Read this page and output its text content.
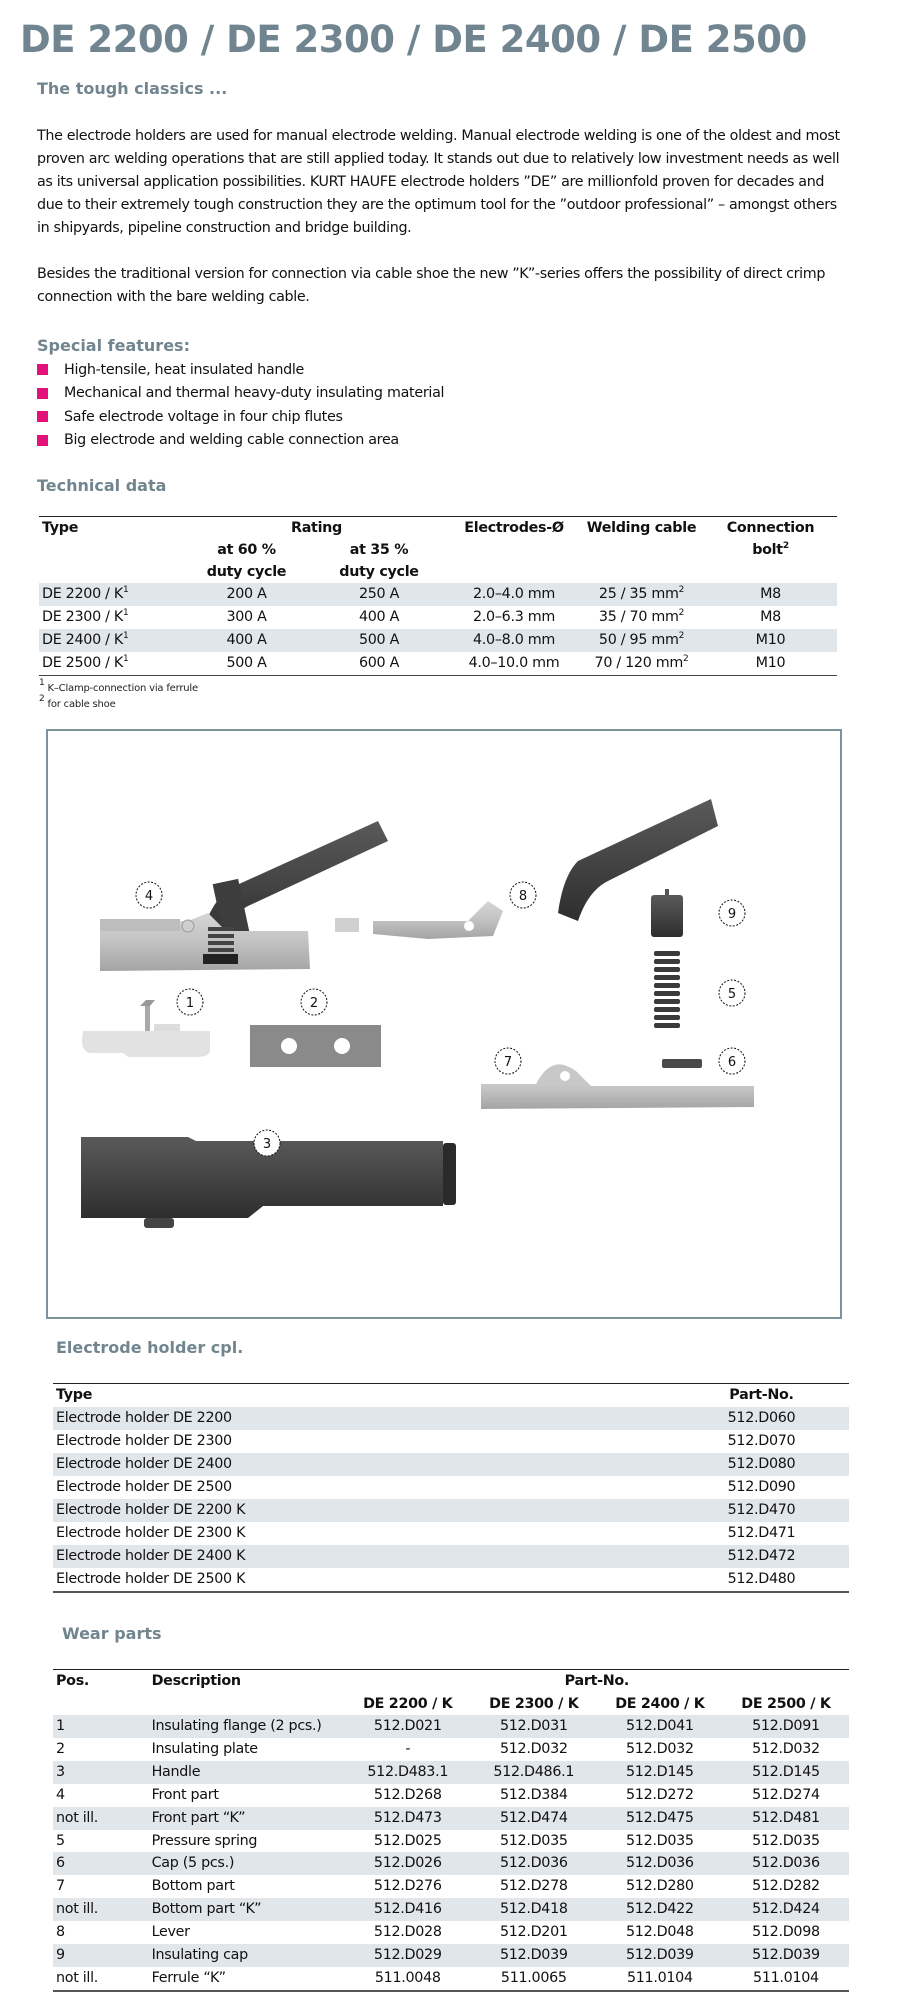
DE 2200 / DE 2300 / DE 2400 / DE 2500
The tough classics ...

The electrode holders are used for manual electrode welding. Manual electrode welding is one of the oldest and most proven arc welding operations that are still applied today. It stands out due to relatively low investment needs as well as its universal application possibilities. KURT HAUFE electrode holders ”DE” are millionfold proven for decades and due to their extremely tough construction they are the optimum tool for the ”outdoor professional” – amongst others in shipyards, pipeline construction and bridge building.

Besides the traditional version for connection via cable shoe the new ”K”-series offers the possibility of direct crimp connection with the bare welding cable.

Special features:
High-tensile, heat insulated handle
Mechanical and thermal heavy-duty insulating material
Safe electrode voltage in four chip flutes
Big electrode and welding cable connection area
Technical data
Type	Rating		Electrodes-Ø	Welding cable	Connection
	at 60 %	at 35 %			bolt$^2$
	duty cycle	duty cycle			
DE $2200 / K^1$	200 A	250 A	2.0–4.0 mm	25 / 35 $mm^2$	M8
DE $2300 / K^1$	300 A	400 A	2.0–6.3 mm	35 / 70 $mm^2$	M8
DE $2400 / K^1$	400 A	500 A	4.0–8.0 mm	50 / 95 $mm^2$	M10
DE $2500 / K^1$	500 A	600 A	4.0–10.0 mm	70 / 120 $mm^2$	M10
$^1$ K–Clamp-connection via ferrule
$^2$ for cable shoe
4	8
9
5
1	2
7	6
3
Electrode holder cpl.
Type	Part-No.
Electrode holder DE 2200	512.D060
Electrode holder DE 2300	512.D070
Electrode holder DE 2400	512.D080
Electrode holder DE 2500	512.D090
Electrode holder DE 2200 K	512.D470
Electrode holder DE 2300 K	512.D471
Electrode holder DE 2400 K	512.D472
Electrode holder DE 2500 K	512.D480
Wear parts
Pos.	Description	Part-No.			
		DE 2200 / K	DE 2300 / K	DE 2400 / K	DE 2500 / K
1	Insulating flange (2 pcs.)	512.D021	512.D031	512.D041	512.D091
2	Insulating plate	-	512.D032	512.D032	512.D032
3	Handle	512.D483.1	512.D486.1	512.D145	512.D145
4	Front part	512.D268	512.D384	512.D272	512.D274
not ill.	Front part “K”	512.D473	512.D474	512.D475	512.D481
5	Pressure spring	512.D025	512.D035	512.D035	512.D035
6	Cap (5 pcs.)	512.D026	512.D036	512.D036	512.D036
7	Bottom part	512.D276	512.D278	512.D280	512.D282
not ill.	Bottom part “K”	512.D416	512.D418	512.D422	512.D424
8	Lever	512.D028	512.D201	512.D048	512.D098
9	Insulating cap	512.D029	512.D039	512.D039	512.D039
not ill.	Ferrule “K”	511.0048	511.0065	511.0104	511.0104
